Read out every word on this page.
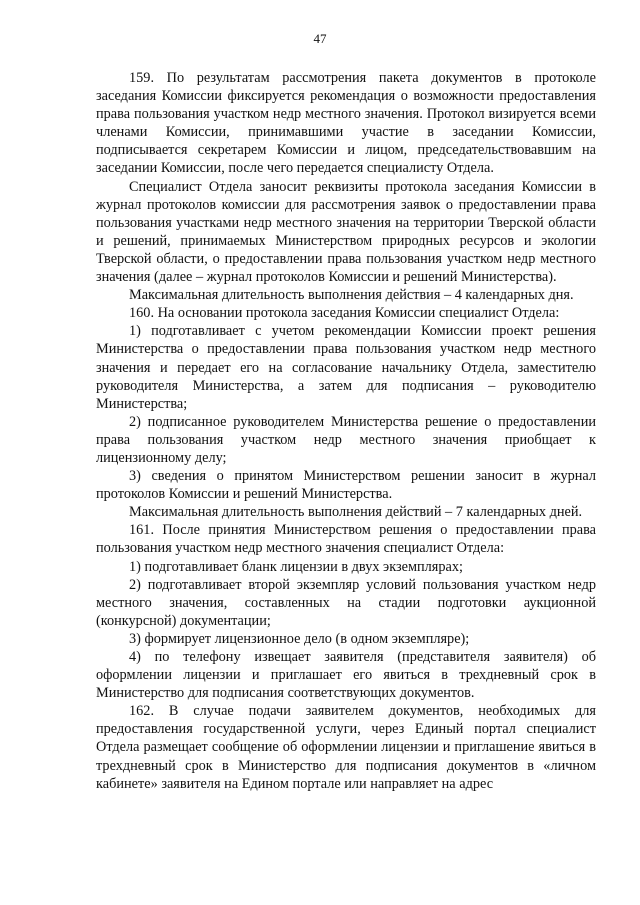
47

159. По результатам рассмотрения пакета документов в протоколе заседания Комиссии фиксируется рекомендация о возможности предоставления права пользования участком недр местного значения. Протокол визируется всеми членами Комиссии, принимавшими участие в заседании Комиссии, подписывается секретарем Комиссии и лицом, председательствовавшим на заседании Комиссии, после чего передается специалисту Отдела.

Специалист Отдела заносит реквизиты протокола заседания Комиссии в журнал протоколов комиссии для рассмотрения заявок о предоставлении права пользования участками недр местного значения на территории Тверской области и решений, принимаемых Министерством природных ресурсов и экологии Тверской области, о предоставлении права пользования участком недр местного значения (далее – журнал протоколов Комиссии и решений Министерства).

Максимальная длительность выполнения действия – 4 календарных дня.

160. На основании протокола заседания Комиссии специалист Отдела:

1) подготавливает с учетом рекомендации Комиссии проект решения Министерства о предоставлении права пользования участком недр местного значения и передает его на согласование начальнику Отдела, заместителю руководителя Министерства, а затем для подписания – руководителю Министерства;

2) подписанное руководителем Министерства решение о предоставлении права пользования участком недр местного значения приобщает к лицензионному делу;

3) сведения о принятом Министерством решении заносит в журнал протоколов Комиссии и решений Министерства.

Максимальная длительность выполнения действий – 7 календарных дней.

161. После принятия Министерством решения о предоставлении права пользования участком недр местного значения специалист Отдела:

1) подготавливает бланк лицензии в двух экземплярах;

2) подготавливает второй экземпляр условий пользования участком недр местного значения, составленных на стадии подготовки аукционной (конкурсной) документации;

3) формирует лицензионное дело (в одном экземпляре);

4) по телефону извещает заявителя (представителя заявителя) об оформлении лицензии и приглашает его явиться в трехдневный срок в Министерство для подписания соответствующих документов.

162. В случае подачи заявителем документов, необходимых для предоставления государственной услуги, через Единый портал специалист Отдела размещает сообщение об оформлении лицензии и приглашение явиться в трехдневный срок в Министерство для подписания документов в «личном кабинете» заявителя на Едином портале или направляет на адрес
